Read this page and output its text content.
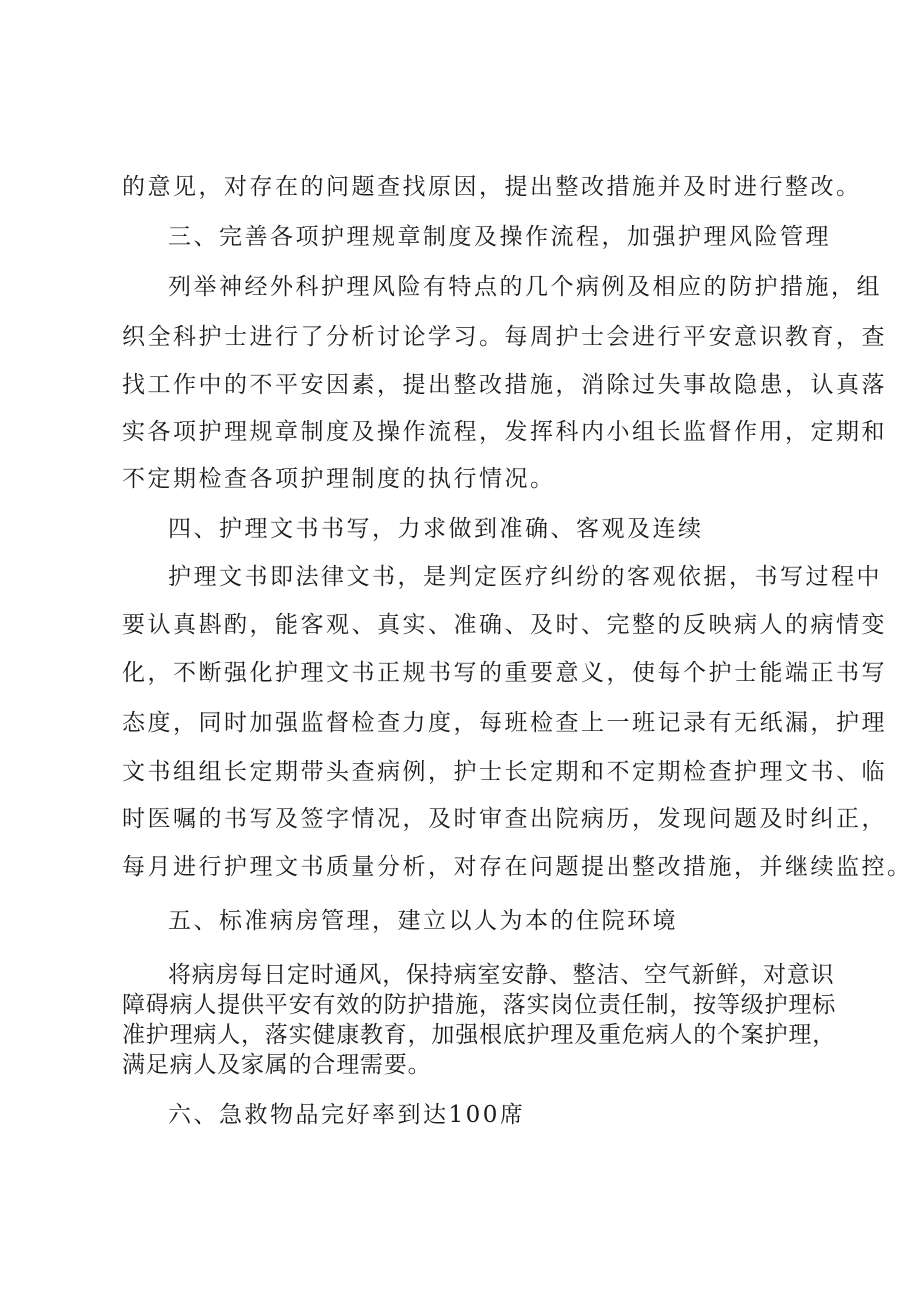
的意见，对存在的问题查找原因，提出整改措施并及时进行整改。
三、完善各项护理规章制度及操作流程，加强护理风险管理
列举神经外科护理风险有特点的几个病例及相应的防护措施，组
织全科护士进行了分析讨论学习。每周护士会进行平安意识教育，查
找工作中的不平安因素，提出整改措施，消除过失事故隐患，认真落
实各项护理规章制度及操作流程，发挥科内小组长监督作用，定期和
不定期检查各项护理制度的执行情况。
四、护理文书书写，力求做到准确、客观及连续
护理文书即法律文书，是判定医疗纠纷的客观依据，书写过程中
要认真斟酌，能客观、真实、准确、及时、完整的反映病人的病情变
化，不断强化护理文书正规书写的重要意义，使每个护士能端正书写
态度，同时加强监督检查力度，每班检查上一班记录有无纸漏，护理
文书组组长定期带头查病例，护士长定期和不定期检查护理文书、临
时医嘱的书写及签字情况，及时审查出院病历，发现问题及时纠正，
每月进行护理文书质量分析，对存在问题提出整改措施，并继续监控。
五、标准病房管理，建立以人为本的住院环境
将病房每日定时通风，保持病室安静、整洁、空气新鲜，对意识
障碍病人提供平安有效的防护措施，落实岗位责任制，按等级护理标
准护理病人，落实健康教育，加强根底护理及重危病人的个案护理，
满足病人及家属的合理需要。
六、急救物品完好率到达100席
